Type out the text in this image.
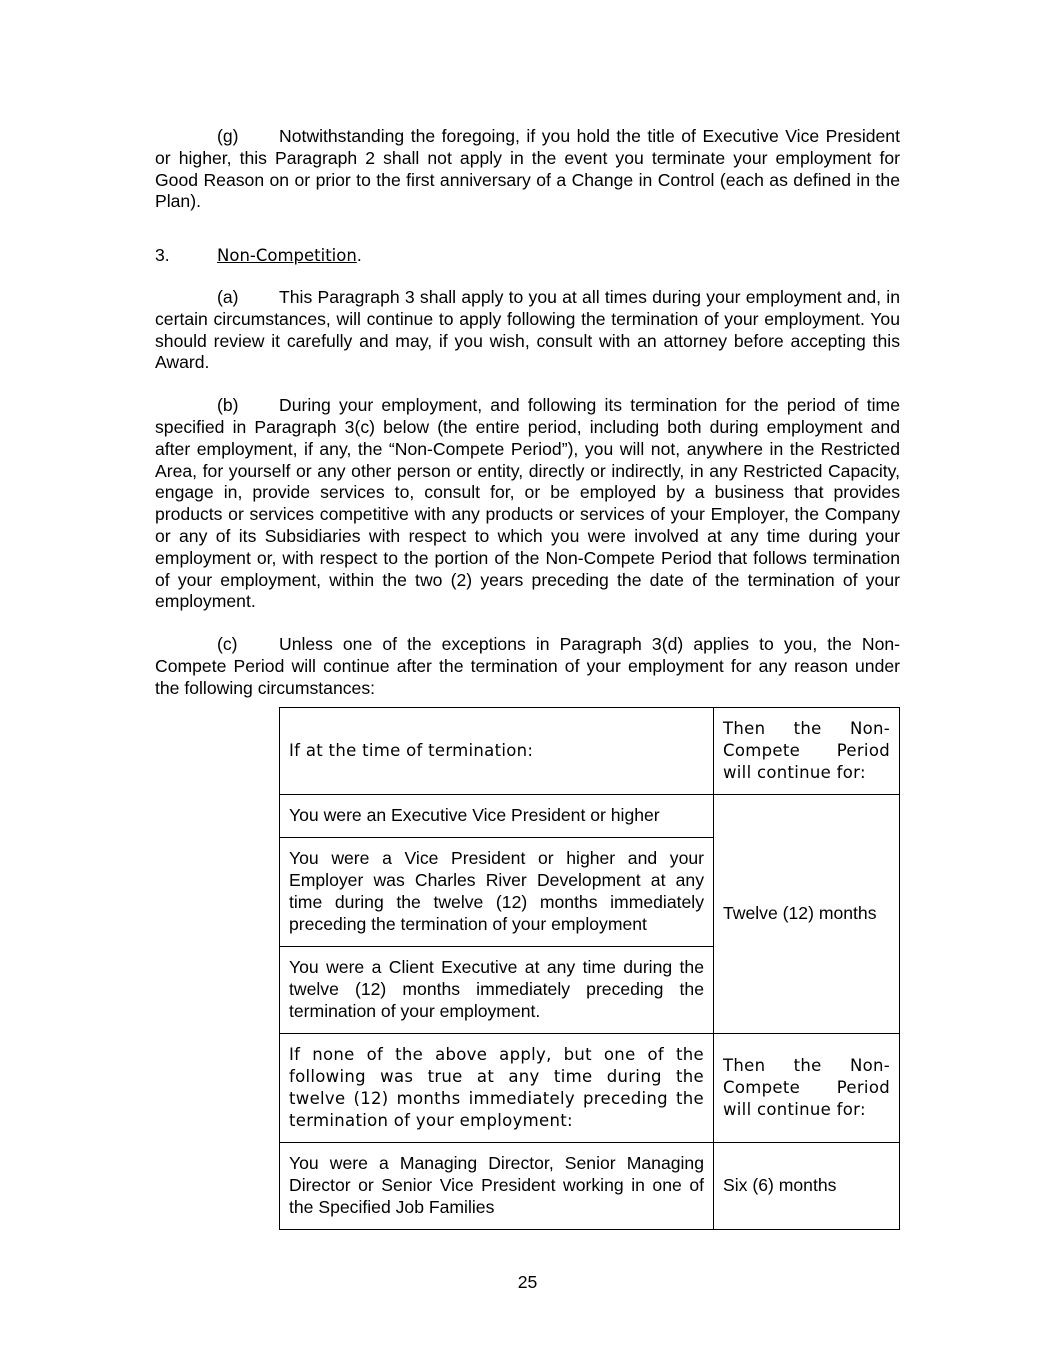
(g) Notwithstanding the foregoing, if you hold the title of Executive Vice President or higher, this Paragraph 2 shall not apply in the event you terminate your employment for Good Reason on or prior to the first anniversary of a Change in Control (each as defined in the Plan).

3.	Non-Competition.

(a) This Paragraph 3 shall apply to you at all times during your employment and, in certain circumstances, will continue to apply following the termination of your employment. You should review it carefully and may, if you wish, consult with an attorney before accepting this Award.

(b) During your employment, and following its termination for the period of time specified in Paragraph 3(c) below (the entire period, including both during employment and after employment, if any, the “Non-Compete Period”), you will not, anywhere in the Restricted Area, for yourself or any other person or entity, directly or indirectly, in any Restricted Capacity, engage in, provide services to, consult for, or be employed by a business that provides products or services competitive with any products or services of your Employer, the Company or any of its Subsidiaries with respect to which you were involved at any time during your employment or, with respect to the portion of the Non-Compete Period that follows termination of your employment, within the two (2) years preceding the date of the termination of your employment.

(c) Unless one of the exceptions in Paragraph 3(d) applies to you, the Non-Compete Period will continue after the termination of your employment for any reason under the following circumstances:

If at the time of termination:	Then the Non-Compete Period will continue for:
You were an Executive Vice President or higher	Twelve (12) months
You were a Vice President or higher and your Employer was Charles River Development at any time during the twelve (12) months immediately preceding the termination of your employment	
You were a Client Executive at any time during the twelve (12) months immediately preceding the termination of your employment.	
If none of the above apply, but one of the following was true at any time during the twelve (12) months immediately preceding the termination of your employment:	Then the Non-Compete Period will continue for:
You were a Managing Director, Senior Managing Director or Senior Vice President working in one of the Specified Job Families	Six (6) months
25
